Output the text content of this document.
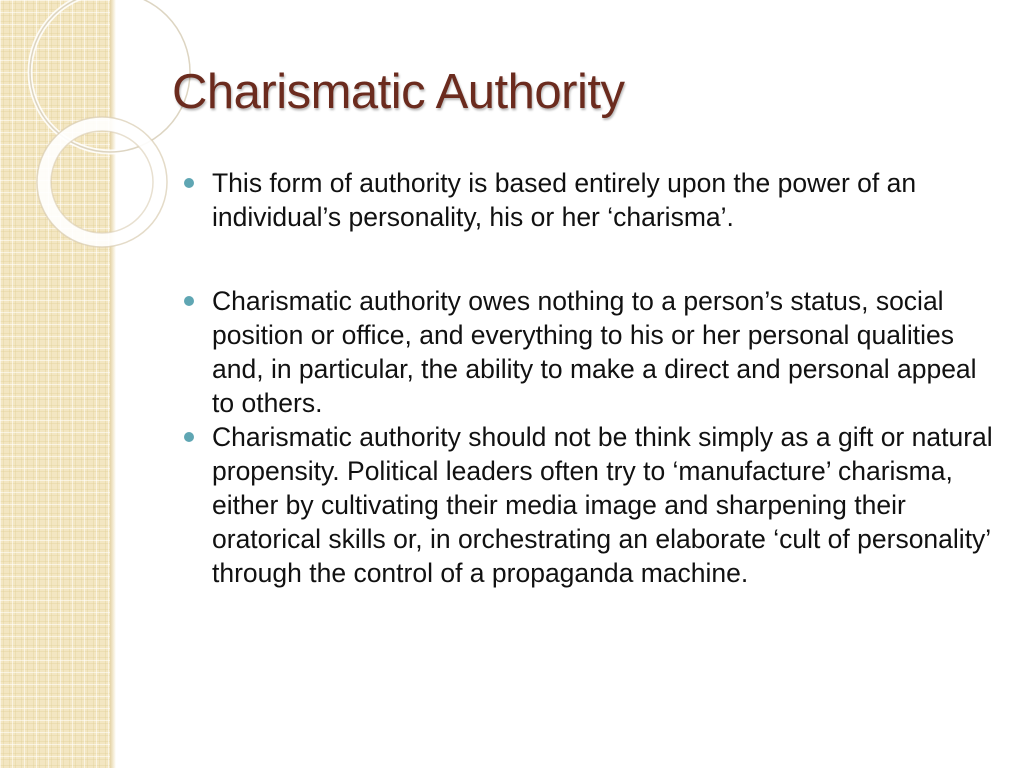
Charismatic Authority
This form of authority is based entirely upon the power of an individual’s personality, his or her ‘charisma’.
Charismatic authority owes nothing to a person’s status, social position or office, and everything to his or her personal qualities and, in particular, the ability to make a direct and personal appeal to others.
Charismatic authority should not be think simply as a gift or natural propensity. Political leaders often try to ‘manufacture’ charisma, either by cultivating their media image and sharpening their oratorical skills or, in orchestrating an elaborate ‘cult of personality’ through the control of a propaganda machine.
